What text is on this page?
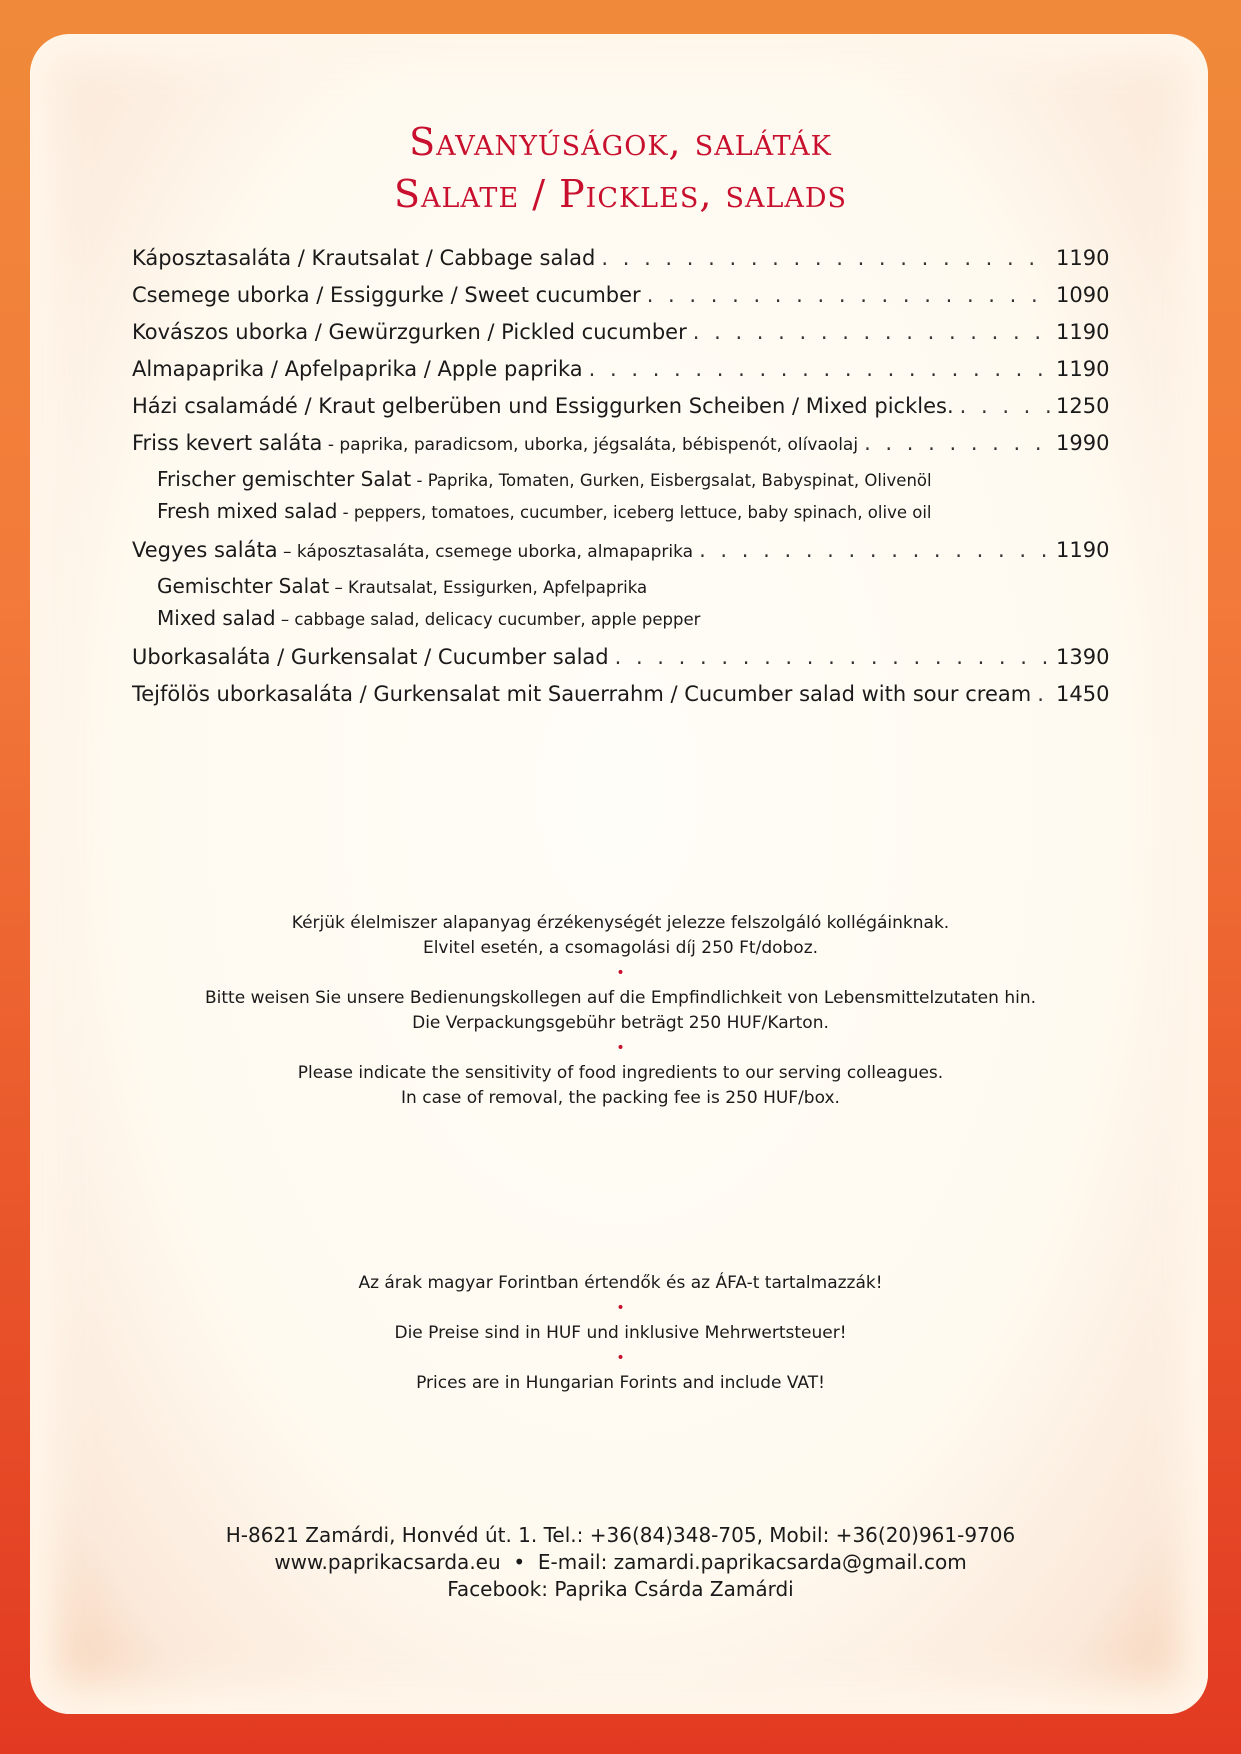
Savanyúságok, saláták
Salate / Pickles, salads
Káposztasaláta / Krautsalat / Cabbage salad . . .	1190
Csemege uborka / Essiggurke / Sweet cucumber . . .	1090
Kovászos uborka / Gewürzgurken / Pickled cucumber . . .	1190
Almapaprika / Apfelpaprika / Apple paprika . . .	1190
Házi csalamádé / Kraut gelberüben und Essiggurken Scheiben / Mixed pickles. . . .	1250
Friss kevert saláta - paprika, paradicsom, uborka, jégsaláta, bébispenót, olívaolaj . . .	1990
Frischer gemischter Salat - Paprika, Tomaten, Gurken, Eisbergsalat, Babyspinat, Olivenöl
Fresh mixed salad - peppers, tomatoes, cucumber, iceberg lettuce, baby spinach, olive oil
Vegyes saláta – káposztasaláta, csemege uborka, almapaprika . . .	1190
Gemischter Salat – Krautsalat, Essigurken, Apfelpaprika
Mixed salad – cabbage salad, delicacy cucumber, apple pepper
Uborkasaláta / Gurkensalat / Cucumber salad . . .	1390
Tejfölös uborkasaláta / Gurkensalat mit Sauerrahm / Cucumber salad with sour cream . . . 1450
Kérjük élelmiszer alapanyag érzékenységét jelezze felszolgáló kollégáinknak.
Elvitel esetén, a csomagolási díj 250 Ft/doboz.
•
Bitte weisen Sie unsere Bedienungskollegen auf die Empfindlichkeit von Lebensmittelzutaten hin.
Die Verpackungsgebühr beträgt 250 HUF/Karton.
•
Please indicate the sensitivity of food ingredients to our serving colleagues.
In case of removal, the packing fee is 250 HUF/box.
Az árak magyar Forintban értendők és az ÁFA-t tartalmazzák!
•
Die Preise sind in HUF und inklusive Mehrwertsteuer!
•
Prices are in Hungarian Forints and include VAT!
H-8621 Zamárdi, Honvéd út. 1. Tel.: +36(84)348-705, Mobil: +36(20)961-9706
www.paprikacsarda.eu  •  E-mail: zamardi.paprikacsarda@gmail.com
Facebook: Paprika Csárda Zamárdi
